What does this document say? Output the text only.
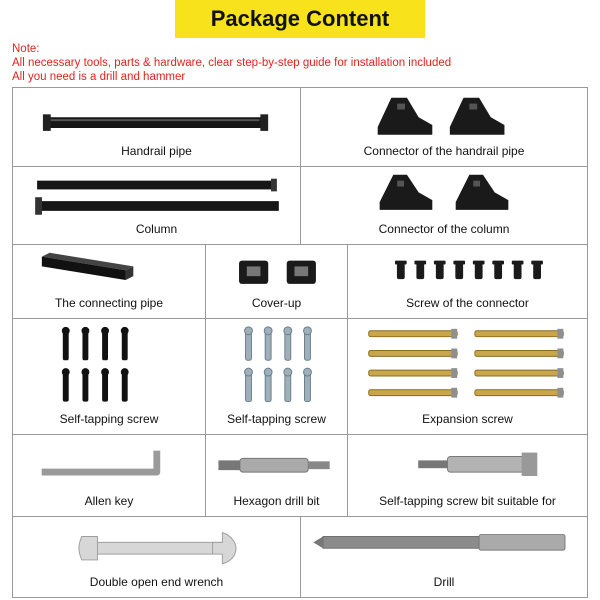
Package Content
Note:
All necessary tools, parts & hardware, clear step-by-step guide for installation included
All you need is a drill and hammer
Handrail pipe	Connector of the handrail pipe
Column	Connector of the column
The connecting pipe	Cover-up	Screw of the connector
Self-tapping screw	Self-tapping screw	Expansion screw
Allen key	Hexagon drill bit	Self-tapping screw bit suitable for
Double open end wrench	Drill
